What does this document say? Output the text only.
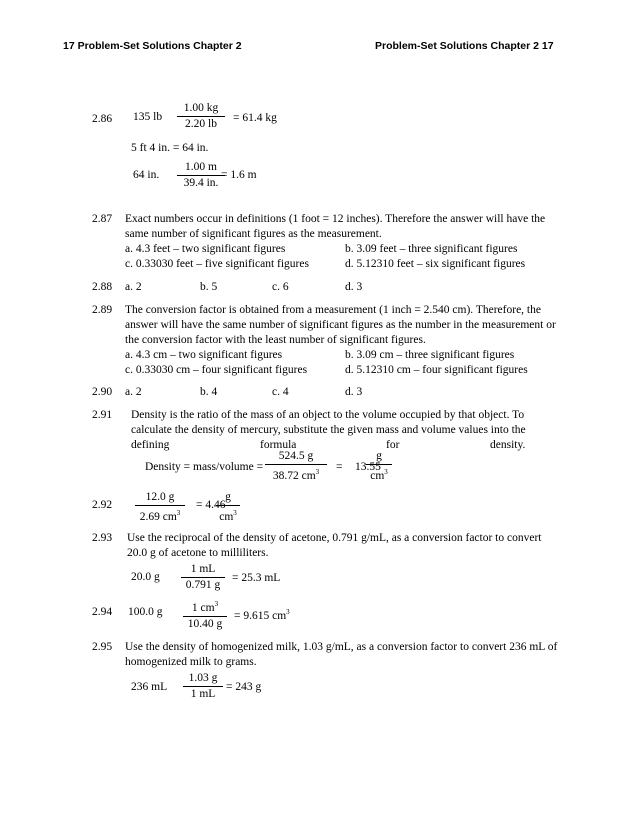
17 Problem-Set Solutions Chapter 2	Problem-Set Solutions Chapter 2 17
2.86 135 lb $\frac{1.00 kg}{2.20 lb} = 61.4$ kg
5 ft 4 in. = 64 in.
64 in. $\frac{1.00 m}{39.4 in.}$
= 1.6 m
2.87 Exact numbers occur in definitions (1 foot = 12 inches). Therefore the answer will have the
same number of significant figures as the measurement.
a. 4.3 feet – two significant figures	b. 3.09 feet – three significant figures
c. 0.33030 feet – five significant figures	d. 5.12310 feet – six significant figures
2.88 a. 2	b. 5	c. 6	d. 3
2.89 The conversion factor is obtained from a measurement (1 inch = 2.540 cm). Therefore, the
answer will have the same number of significant figures as the number in the measurement or
the conversion factor with the least number of significant figures.
a. 4.3 cm – two significant figures	b. 3.09 cm – three significant figures
c. 0.33030 cm – four significant figures	d. 5.12310 cm – four significant figures
2.90 a. 2	b. 4	c. 4	d. 3
2.91 Density is the ratio of the mass of an object to the volume occupied by that object. To
calculate the density of mercury, substitute the given mass and volume values into the
defining	formula	for	density.
Density = mass/volume = $\frac{524.5 g}{38.72 cm^3} = 13.55$
$\frac{g}{cm^3}$
$2.92 \frac{12.0 g}{2.69 cm^3} = 4.46$
$\frac{g}{cm^3}$
2.93 Use the reciprocal of the density of acetone, 0.791 g/mL, as a conversion factor to convert
20.0 g of acetone to milliliters.
20.0 g $\frac{1 mL}{0.791 g} = 25.3$ mL
2.94 100.0 g $\frac{1 cm^3}{10.40 g} = 9.615$ $cm^3$
2.95 Use the density of homogenized milk, 1.03 g/mL, as a conversion factor to convert 236 mL of
homogenized milk to grams.
236 mL $\frac{1.03 g}{1 mL} = 243$ g
